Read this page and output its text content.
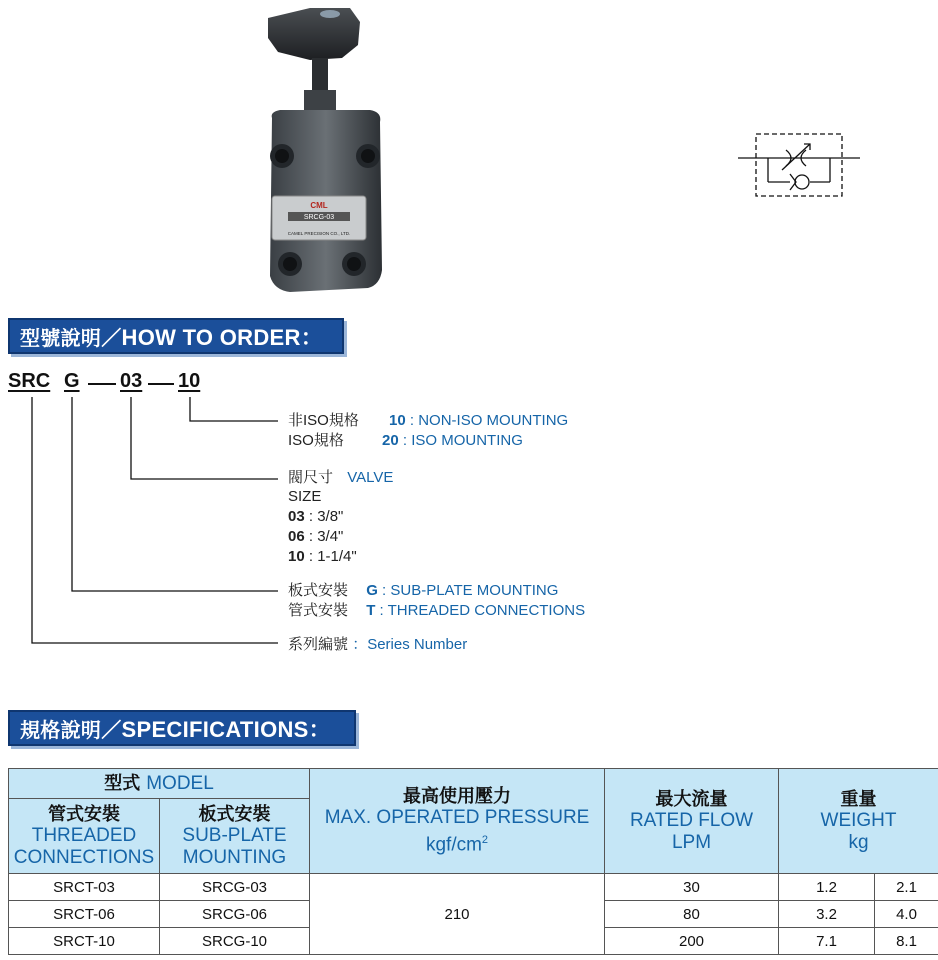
CML
SRCG-03
CAMEL PRECISION CO., LTD.
型號說明／ HOW TO ORDER：
SRC G 03 10
非ISO規格 10 : NON-ISO MOUNTING
ISO規格	20 : ISO MOUNTING
閥尺寸 VALVE
SIZE
03 : 3/8"
06 : 3/4"
10 : 1-1/4"
板式安裝 G : SUB-PLATE MOUNTING
管式安裝 T : THREADED CONNECTIONS
系列編號 ：Series Number
規格說明／ SPECIFICATIONS：
型式 MODEL		最高使用壓力
MAX. OPERATED PRESSURE
kgf/$cm^2$	最大流量
RATED FLOW
LPM	重量
WEIGHT
kg	

管式安裝
THREADED
CONNECTIONS	板式安裝
SUB-PLATE
MOUNTING				

SRCT-03	SRCG-03	210	30	1.2	2.1
SRCT-06	SRCG-06		80	3.2	4.0
SRCT-10	SRCG-10		200	7.1	8.1
